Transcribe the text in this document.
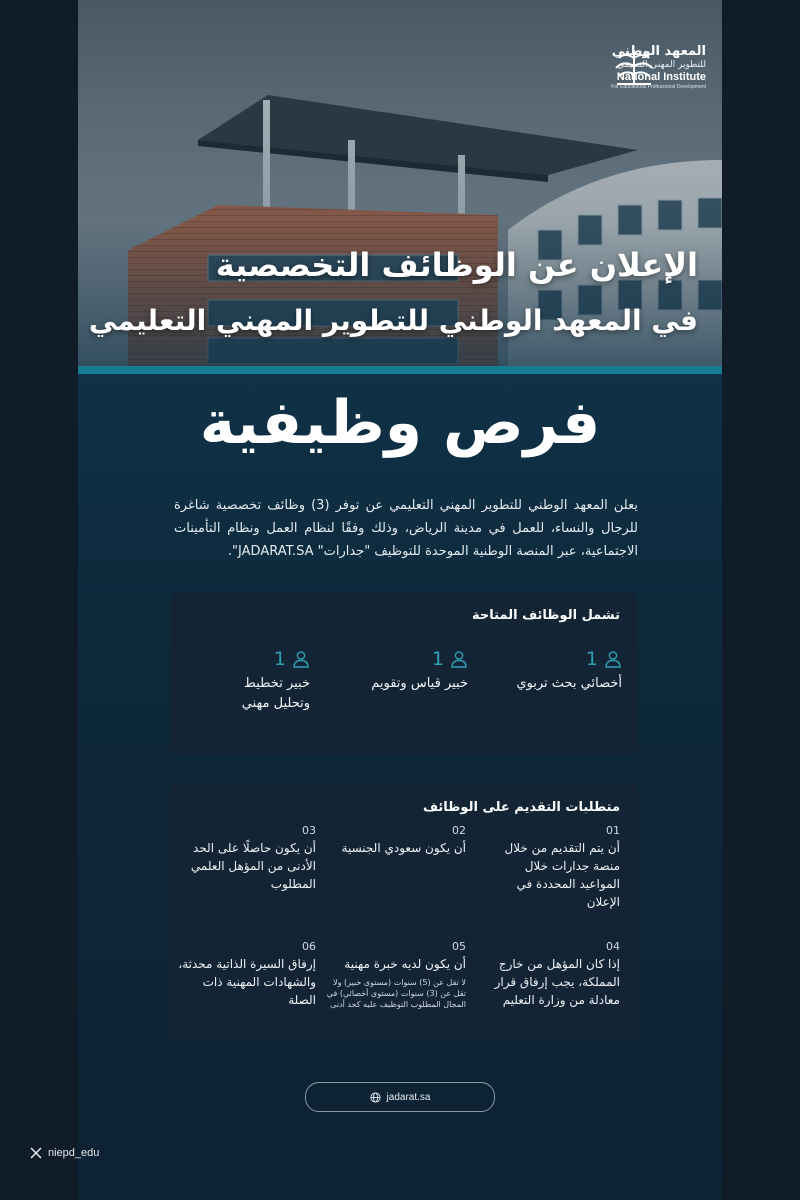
المعهد الوطني
للتطوير المهني التعليمي
National Institute
For Educational Professional Development
الإعلان عن الوظائف التخصصية
في المعهد الوطني للتطوير المهني التعليمي
فرص وظيفية
يعلن المعهد الوطني للتطوير المهني التعليمي عن توفر (3) وظائف تخصصية شاغرة للرجال والنساء، للعمل في مدينة الرياض، وذلك وفقًا لنظام العمل ونظام التأمينات الاجتماعية، عبر المنصة الوطنية الموحدة للتوظيف "جدارات" JADARAT.SA".
تشمل الوظائف المتاحة
1
أخصائي بحث تربوي
1
خبير قياس وتقويم
1
خبير تخطيط وتحليل مهني
متطلبات التقديم على الوظائف
01
أن يتم التقديم من خلال منصة جدارات خلال المواعيد المحددة في الإعلان
02
أن يكون سعودي الجنسية
03
أن يكون حاصلًا على الحد الأدنى من المؤهل العلمي المطلوب
04
إذا كان المؤهل من خارج المملكة، يجب إرفاق قرار معادلة من وزارة التعليم
05
أن يكون لديه خبرة مهنية
لا تقل عن (5) سنوات (مستوى خبير) ولا تقل عن (3) سنوات (مستوى أخصائي) في المجال المطلوب التوظيف عليه كحد أدنى
06
إرفاق السيرة الذاتية محدثة، والشهادات المهنية ذات الصلة
jadarat.sa
niepd_edu
